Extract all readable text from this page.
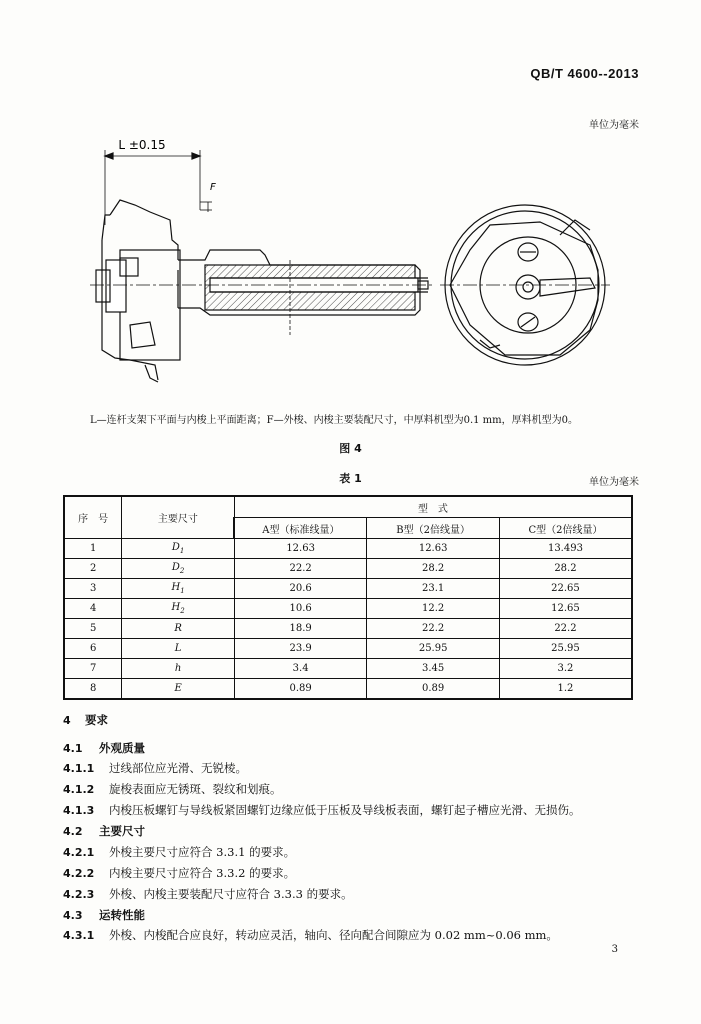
QB/T 4600--2013
单位为毫米
L ±0.15
F
L—连杆支架下平面与内梭上平面距离；F—外梭、内梭主要装配尺寸，中厚料机型为0.1 mm，厚料机型为0。
图 4
表 1	单位为毫米
序　号	主要尺寸	型　式		
		A型（标准线量）	B型（2倍线量）	C型（2倍线量）
1	$D_1$	12.63	12.63	13.493
2	$D_2$	22.2	28.2	28.2
3	$H_1$	20.6	23.1	22.65
4	$H_2$	10.6	12.2	12.65
5	R	18.9	22.2	22.2
6	L	23.9	25.95	25.95
7	h	3.4	3.45	3.2
8	E	0.89	0.89	1.2
4 要求
4.1 外观质量
4.1.1 过线部位应光滑、无锐棱。
4.1.2 旋梭表面应无锈斑、裂纹和划痕。
4.1.3 内梭压板螺钉与导线板紧固螺钉边缘应低于压板及导线板表面，螺钉起子槽应光滑、无损伤。
4.2 主要尺寸
4.2.1 外梭主要尺寸应符合 3.3.1 的要求。
4.2.2 内梭主要尺寸应符合 3.3.2 的要求。
4.2.3 外梭、内梭主要装配尺寸应符合 3.3.3 的要求。
4.3 运转性能
4.3.1 外梭、内梭配合应良好，转动应灵活，轴向、径向配合间隙应为 0.02 mm~0.06 mm。
3
